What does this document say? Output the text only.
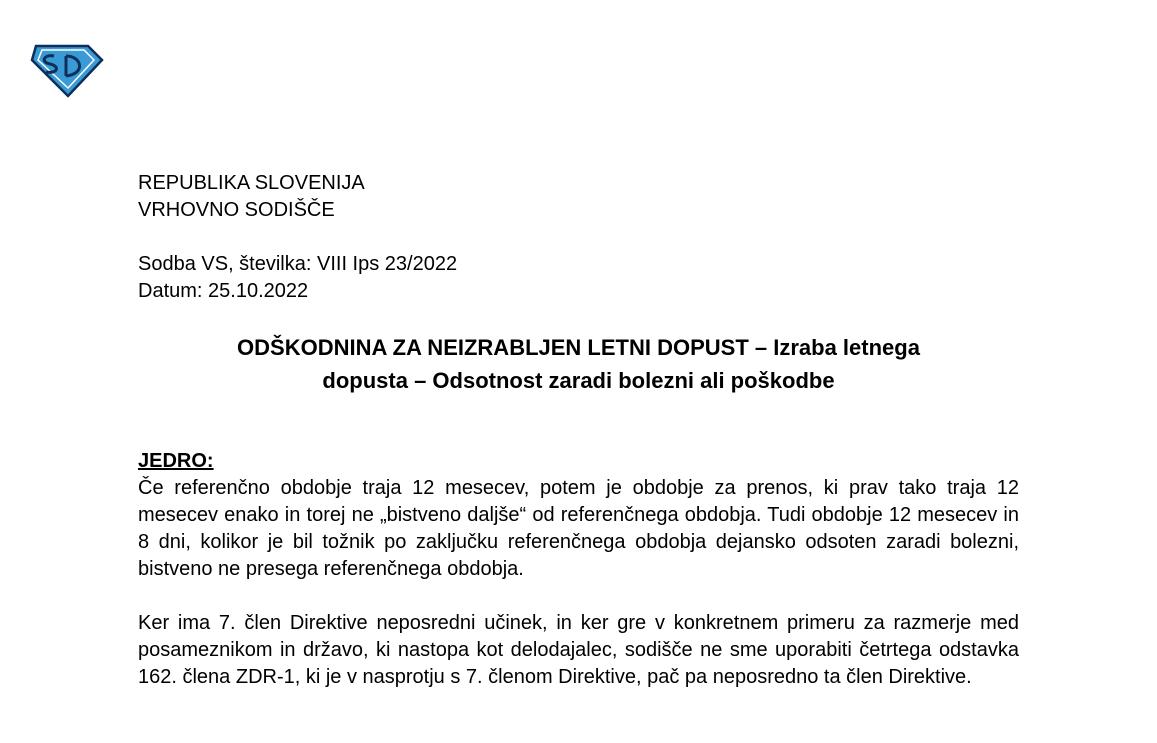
REPUBLIKA SLOVENIJA
VRHOVNO SODIŠČE
Sodba VS, številka: VIII Ips 23/2022
Datum: 25.10.2022
ODŠKODNINA ZA NEIZRABLJEN LETNI DOPUST – Izraba letnega
dopusta – Odsotnost zaradi bolezni ali poškodbe
JEDRO:

Če referenčno obdobje traja 12 mesecev, potem je obdobje za prenos, ki prav tako traja 12 mesecev enako in torej ne „bistveno daljše“ od referenčnega obdobja. Tudi obdobje 12 mesecev in 8 dni, kolikor je bil tožnik po zaključku referenčnega obdobja dejansko odsoten zaradi bolezni, bistveno ne presega referenčnega obdobja.

Ker ima 7. člen Direktive neposredni učinek, in ker gre v konkretnem primeru za razmerje med posameznikom in državo, ki nastopa kot delodajalec, sodišče ne sme uporabiti četrtega odstavka 162. člena ZDR-1, ki je v nasprotju s 7. členom Direktive, pač pa neposredno ta člen Direktive.
